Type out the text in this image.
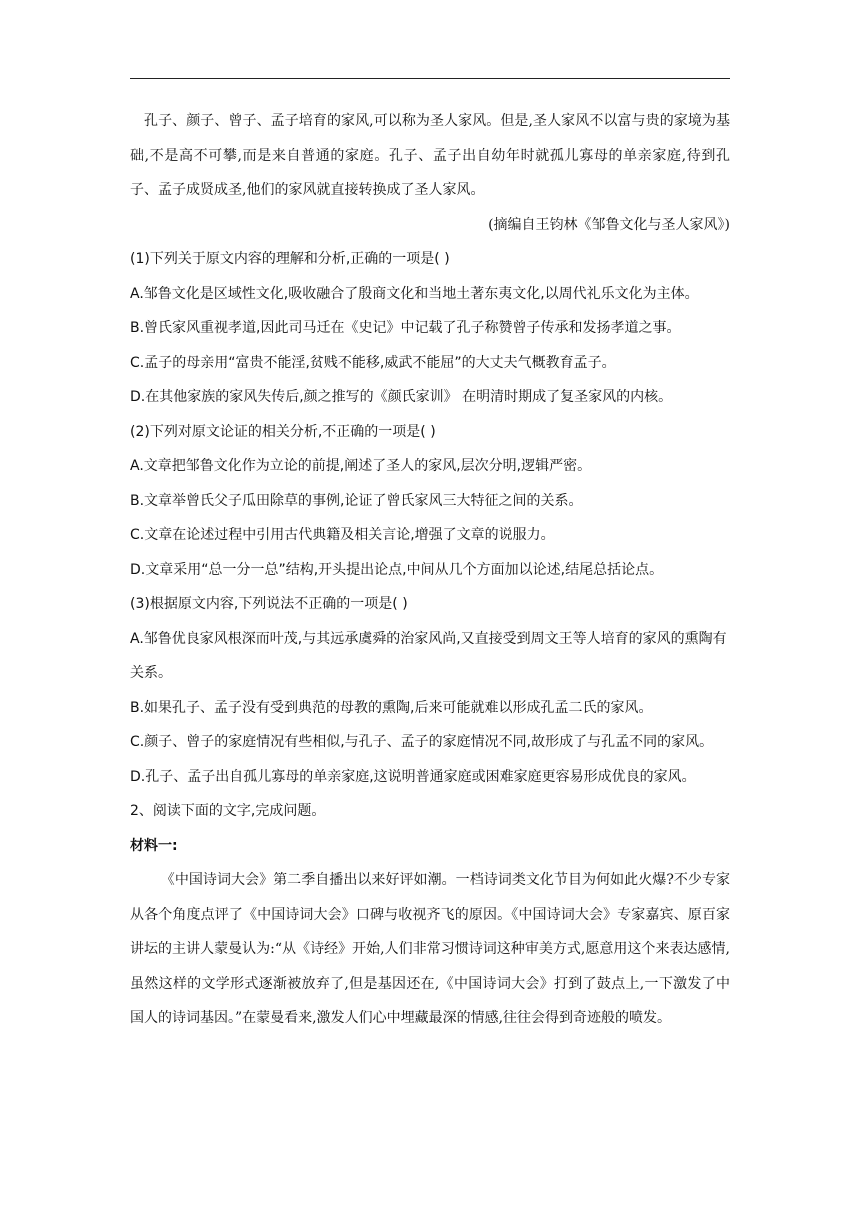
孔子、颜子、曾子、孟子培育的家风,可以称为圣人家风。但是,圣人家风不以富与贵的家境为基础,不是高不可攀,而是来自普通的家庭。孔子、孟子出自幼年时就孤儿寡母的单亲家庭,待到孔子、孟子成贤成圣,他们的家风就直接转换成了圣人家风。

(摘编自王钧林《邹鲁文化与圣人家风》)

(1)下列关于原文内容的理解和分析,正确的一项是( )

A.邹鲁文化是区域性文化,吸收融合了殷商文化和当地土著东夷文化,以周代礼乐文化为主体。

B.曾氏家风重视孝道,因此司马迁在《史记》中记载了孔子称赞曾子传承和发扬孝道之事。

C.孟子的母亲用“富贵不能淫,贫贱不能移,威武不能屈”的大丈夫气概教育孟子。

D.在其他家族的家风失传后,颜之推写的《颜氏家训》 在明清时期成了复圣家风的内核。

(2)下列对原文论证的相关分析,不正确的一项是( )

A.文章把邹鲁文化作为立论的前提,阐述了圣人的家风,层次分明,逻辑严密。

B.文章举曾氏父子瓜田除草的事例,论证了曾氏家风三大特征之间的关系。

C.文章在论述过程中引用古代典籍及相关言论,增强了文章的说服力。

D.文章采用“总一分一总”结构,开头提出论点,中间从几个方面加以论述,结尾总括论点。

(3)根据原文内容,下列说法不正确的一项是( )

A.邹鲁优良家风根深而叶茂,与其远承虞舜的治家风尚,又直接受到周文王等人培育的家风的熏陶有关系。

B.如果孔子、孟子没有受到典范的母教的熏陶,后来可能就难以形成孔孟二氏的家风。

C.颜子、曾子的家庭情况有些相似,与孔子、孟子的家庭情况不同,故形成了与孔孟不同的家风。

D.孔子、孟子出自孤儿寡母的单亲家庭,这说明普通家庭或困难家庭更容易形成优良的家风。

2、阅读下面的文字,完成问题。

材料一:

《中国诗词大会》第二季自播出以来好评如潮。一档诗词类文化节目为何如此火爆?不少专家从各个角度点评了《中国诗词大会》口碑与收视齐飞的原因。《中国诗词大会》专家嘉宾、原百家讲坛的主讲人蒙曼认为:“从《诗经》开始,人们非常习惯诗词这种审美方式,愿意用这个来表达感情,虽然这样的文学形式逐渐被放弃了,但是基因还在,《中国诗词大会》打到了鼓点上,一下激发了中国人的诗词基因。”在蒙曼看来,激发人们心中埋藏最深的情感,往往会得到奇迹般的喷发。
